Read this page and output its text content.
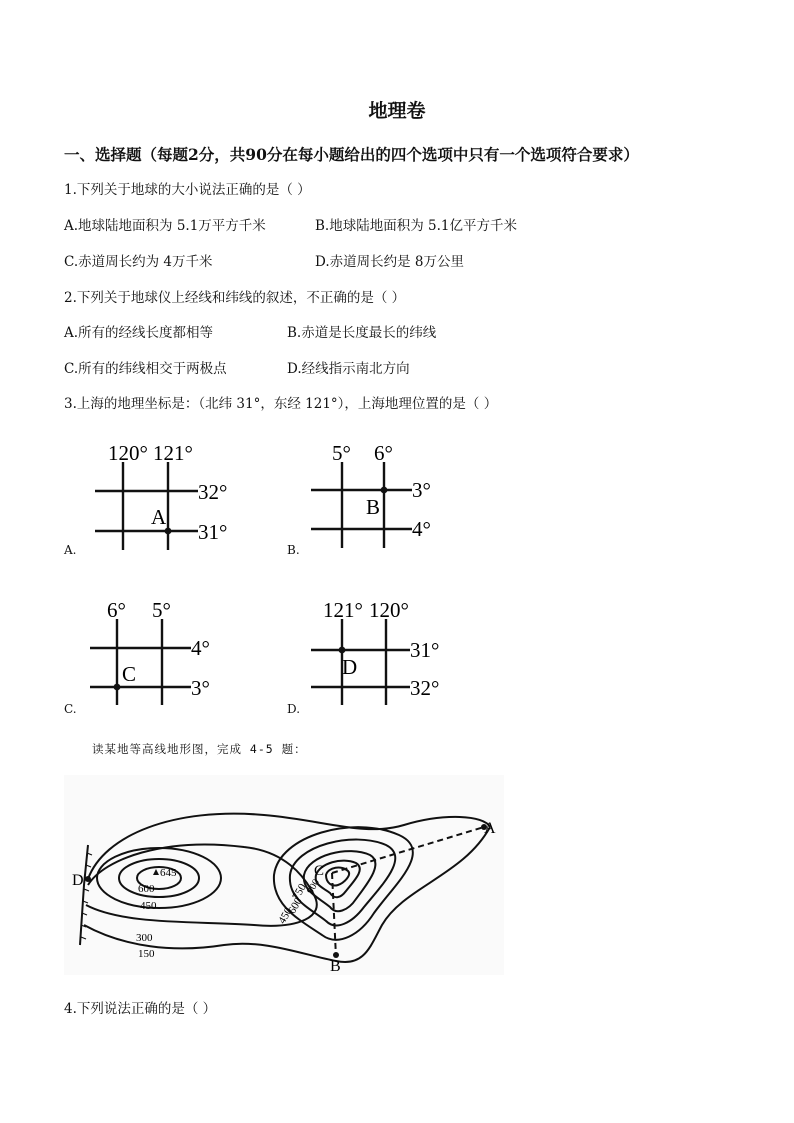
地理卷
一、选择题（每题2分，共90分在每小题给出的四个选项中只有一个选项符合要求）
1.下列关于地球的大小说法正确的是（ ）
A.地球陆地面积为 5.1万平方千米	B.地球陆地面积为 5.1亿平方千米
C.赤道周长约为 4万千米	D.赤道周长约是 8万公里
2.下列关于地球仪上经线和纬线的叙述，不正确的是（ ）
A.所有的经线长度都相等	B.赤道是长度最长的纬线
C.所有的纬线相交于两极点	D.经线指示南北方向
3.上海的地理坐标是：（北纬 31°，东经 121°），上海地理位置的是（ ）
120° 121°
32°
31°
A
A.
5° 6°
3°
4°
B
B.
6° 5°
4°
3°
C
C.
121° 120°
31°
32°
D
D.
读某地等高线地形图，完成 4-5 题：
A
B
C
D	645
600
450
300
150
750
600
450
900
4.下列说法正确的是（ ）
